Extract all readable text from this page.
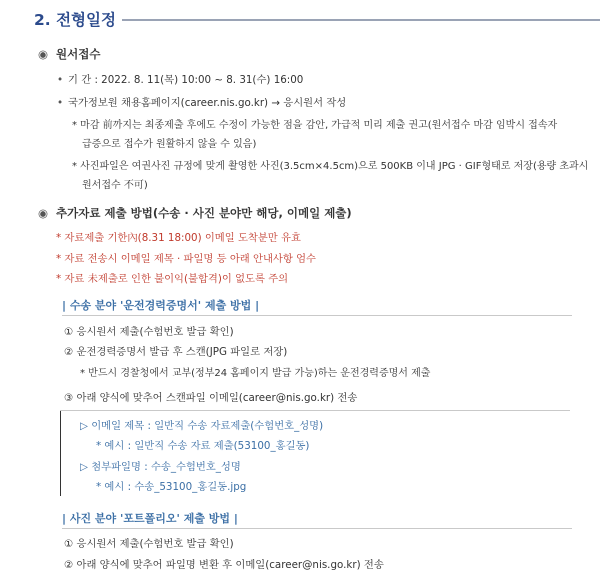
2. 전형일정
◉ 원서접수
• 기 간 : 2022. 8. 11(목) 10:00 ~ 8. 31(수) 16:00
• 국가정보원 채용홈페이지(career.nis.go.kr) → 응시원서 작성
* 마감 前까지는 최종제출 후에도 수정이 가능한 점을 감안, 가급적 미리 제출 권고(원서접수 마감 임박시 접속자
급증으로 접수가 원활하지 않을 수 있음)
* 사진파일은 여권사진 규정에 맞게 촬영한 사진(3.5cm×4.5cm)으로 500KB 이내 JPG · GIF형태로 저장(용량 초과시
원서접수 不可)
◉ 추가자료 제출 방법(수송 · 사진 분야만 해당, 이메일 제출)
* 자료제출 기한內(8.31 18:00) 이메일 도착분만 유효
* 자료 전송시 이메일 제목 · 파일명 등 아래 안내사항 엄수
* 자료 未제출로 인한 불이익(불합격)이 없도록 주의
| 수송 분야 '운전경력증명서' 제출 방법 |
① 응시원서 제출(수험번호 발급 확인)
② 운전경력증명서 발급 후 스캔(JPG 파일로 저장)
* 반드시 경찰청에서 교부(정부24 홈페이지 발급 가능)하는 운전경력증명서 제출
③ 아래 양식에 맞추어 스캔파일 이메일(career@nis.go.kr) 전송
▷ 이메일 제목 : 일반직 수송 자료제출(수험번호_성명)
* 예시 : 일반직 수송 자료 제출(53100_홍길동)
▷ 첨부파일명 : 수송_수험번호_성명
* 예시 : 수송_53100_홍길동.jpg
| 사진 분야 '포트폴리오' 제출 방법 |
① 응시원서 제출(수험번호 발급 확인)
② 아래 양식에 맞추어 파일명 변환 후 이메일(career@nis.go.kr) 전송
